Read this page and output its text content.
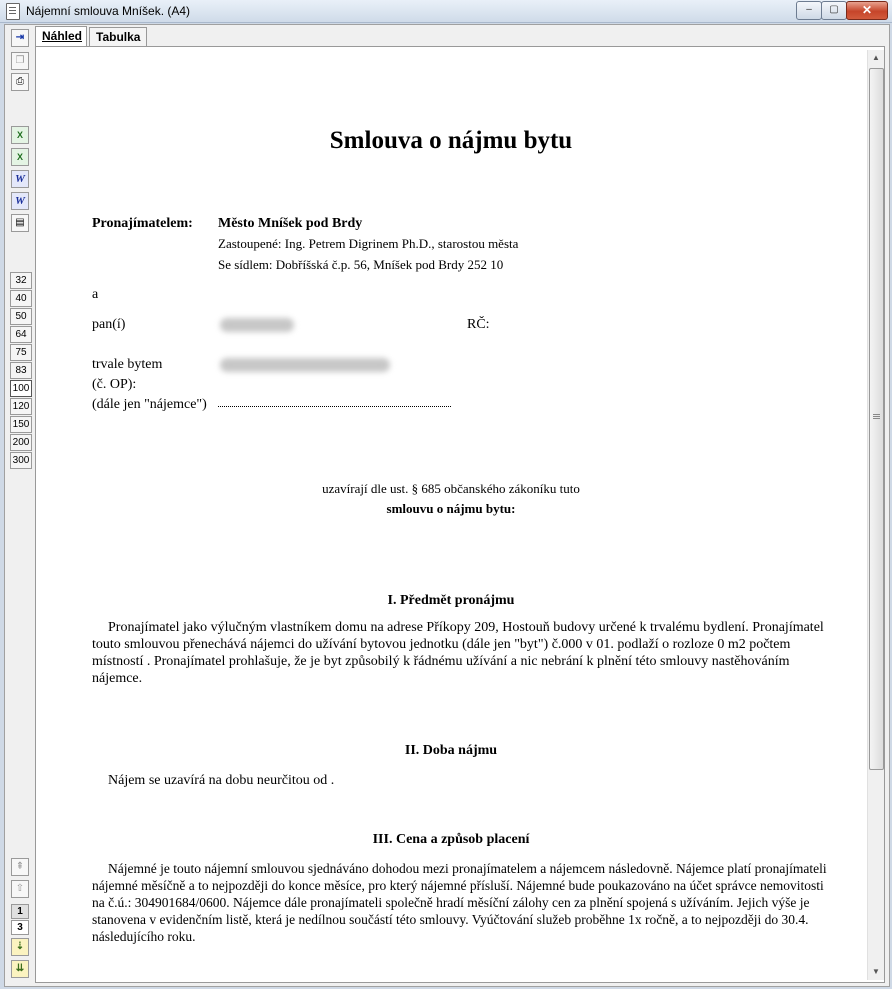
Nájemní smlouva Mníšek. (A4)	–	▢	✕
⇥
❐
⎙
X
X
W
W
▤
32
40
50
64
75
83
100
120
150
200
300
⇞
⇧
1
3
⇣
⇊
Náhled	Tabulka
Smlouva o nájmu bytu
Pronajímatelem: Město Mníšek pod Brdy
Zastoupené: Ing. Petrem Digrinem Ph.D., starostou města
Se sídlem: Dobříšská č.p. 56, Mníšek pod Brdy 252 10
a
pan(í)	RČ:
trvale bytem
(č. OP):
(dále jen "nájemce")
uzavírají dle ust. § 685 občanského zákoníku tuto
smlouvu o nájmu bytu:
I. Předmět pronájmu
Pronajímatel jako výlučným vlastníkem domu na adrese Příkopy 209, Hostouň budovy určené k trvalému bydlení. Pronajímatel touto smlouvou přenechává nájemci do užívání bytovou jednotku (dále jen "byt") č.000 v 01. podlaží o rozloze 0 m2 počtem místností . Pronajímatel prohlašuje, že je byt způsobilý k řádnému užívání a nic nebrání k plnění této smlouvy nastěhováním nájemce.
II. Doba nájmu
Nájem se uzavírá na dobu neurčitou od .
III. Cena a způsob placení
Nájemné je touto nájemní smlouvou sjednáváno dohodou mezi pronajímatelem a nájemcem následovně. Nájemce platí pronajímateli nájemné měsíčně a to nejpozději do konce měsíce, pro který nájemné přísluší. Nájemné bude poukazováno na účet správce nemovitosti na č.ú.: 304901684/0600. Nájemce dále pronajímateli společně hradí měsíční zálohy cen za plnění spojená s užíváním. Jejich výše je stanovena v evidenčním listě, která je nedílnou součástí této smlouvy. Vyúčtování služeb proběhne 1x ročně, a to nejpozději do 30.4. následujícího roku.
▲
▼
